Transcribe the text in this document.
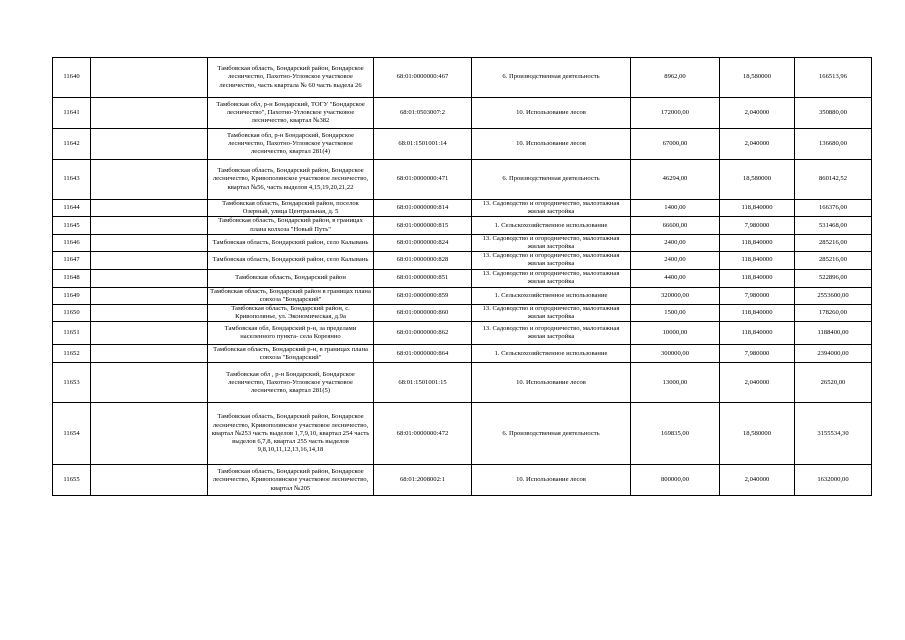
11640		Тамбовская область, Бондарский район, Бондарское лесничество, Пахотно-Угловское участковое лесничество, часть квартала № 60 часть выдела 26	68:01:0000000:467	6. Производственная деятельность	8962,00	18,580000	166513,96
11641		Тамбовская обл, р-н Бондарский, ТОГУ "Бондарское лесничество", Пахотно-Угловское участковое лесничество, квартал №382	68:01:0503007:2	10. Использование лесов	172000,00	2,040000	350880,00
11642		Тамбовская обл, р-н Бондарский, Бондарское лесничество, Пахотно-Угловское участковое лесничество, квартал 281(4)	68:01:1501001:14	10. Использование лесов	67000,00	2,040000	136680,00
11643		Тамбовская область, Бондарский район, Бондарское лесничество, Кривополянское участковое лесничество, квартал №56, часть выделов 4,15,19,20,21,22	68:01:0000000:471	6. Производственная деятельность	46294,00	18,580000	860142,52
11644		Тамбовская область, Бондарский район, поселок Озерный, улица Центральная, д. 5	68:01:0000000:814	13. Садоводство и огородничество, малоэтажная жилая застройка	1400,00	118,840000	166376,00
11645		Тамбовская область, Бондарский район, в границах плана колхоза "Новый Путь"	68:01:0000000:815	1. Сельскохозяйственное использование	66600,00	7,980000	531468,00
11646		Тамбовская область, Бондарский район, село Калывань	68:01:0000000:824	13. Садоводство и огородничество, малоэтажная жилая застройка	2400,00	118,840000	285216,00
11647		Тамбовская область, Бондарский район, село Калывань	68:01:0000000:828	13. Садоводство и огородничество, малоэтажная жилая застройка	2400,00	118,840000	285216,00
11648		Тамбовская область, Бондарский район	68:01:0000000:851	13. Садоводство и огородничество, малоэтажная жилая застройка	4400,00	118,840000	522896,00
11649		Тамбовская область, Бондарский район в границах плана совхоза "Бондарский"	68:01:0000000:859	1. Сельскохозяйственное использование	320000,00	7,980000	2553600,00
11650		Тамбовская область, Бондарский район, с. Кривополянье, ул. Экономическая, д.9а	68:01:0000000:860	13. Садоводство и огородничество, малоэтажная жилая застройка	1500,00	118,840000	178260,00
11651		Тамбовская обл, Бондарский р-н, за пределами населенного пункта- села Кореянно	68:01:0000000:862	13. Садоводство и огородничество, малоэтажная жилая застройка	10000,00	118,840000	1188400,00
11652		Тамбовская область, Бондарский р-н, в границах плана совхоза "Бондарский"	68:01:0000000:864	1. Сельскохозяйственное использование	300000,00	7,980000	2394000,00
11653		Тамбовская обл , р-н Бондарский, Бондарское лесничество, Пахотно-Угловское участковое лесничество, квартал 281(5)	68:01:1501001:15	10. Использование лесов	13000,00	2,040000	26520,00
11654		Тамбовская область, Бондарский район, Бондарское лесничество, Кривополянское участковое лесничество, квартал №253 часть выделов 1,7,9,10, квартал 254 часть выделов 6,7,8, квартал 255 часть выделов 9,8,10,11,12,13,16,14,18	68:01:0000000:472	6. Производственная деятельность	169835,00	18,580000	3155534,30
11655		Тамбовская область, Бондарский район, Бондарское лесничество, Кривополянское участковое лесничество, квартал №205	68:01:2008002:1	10. Использование лесов	800000,00	2,040000	1632000,00
